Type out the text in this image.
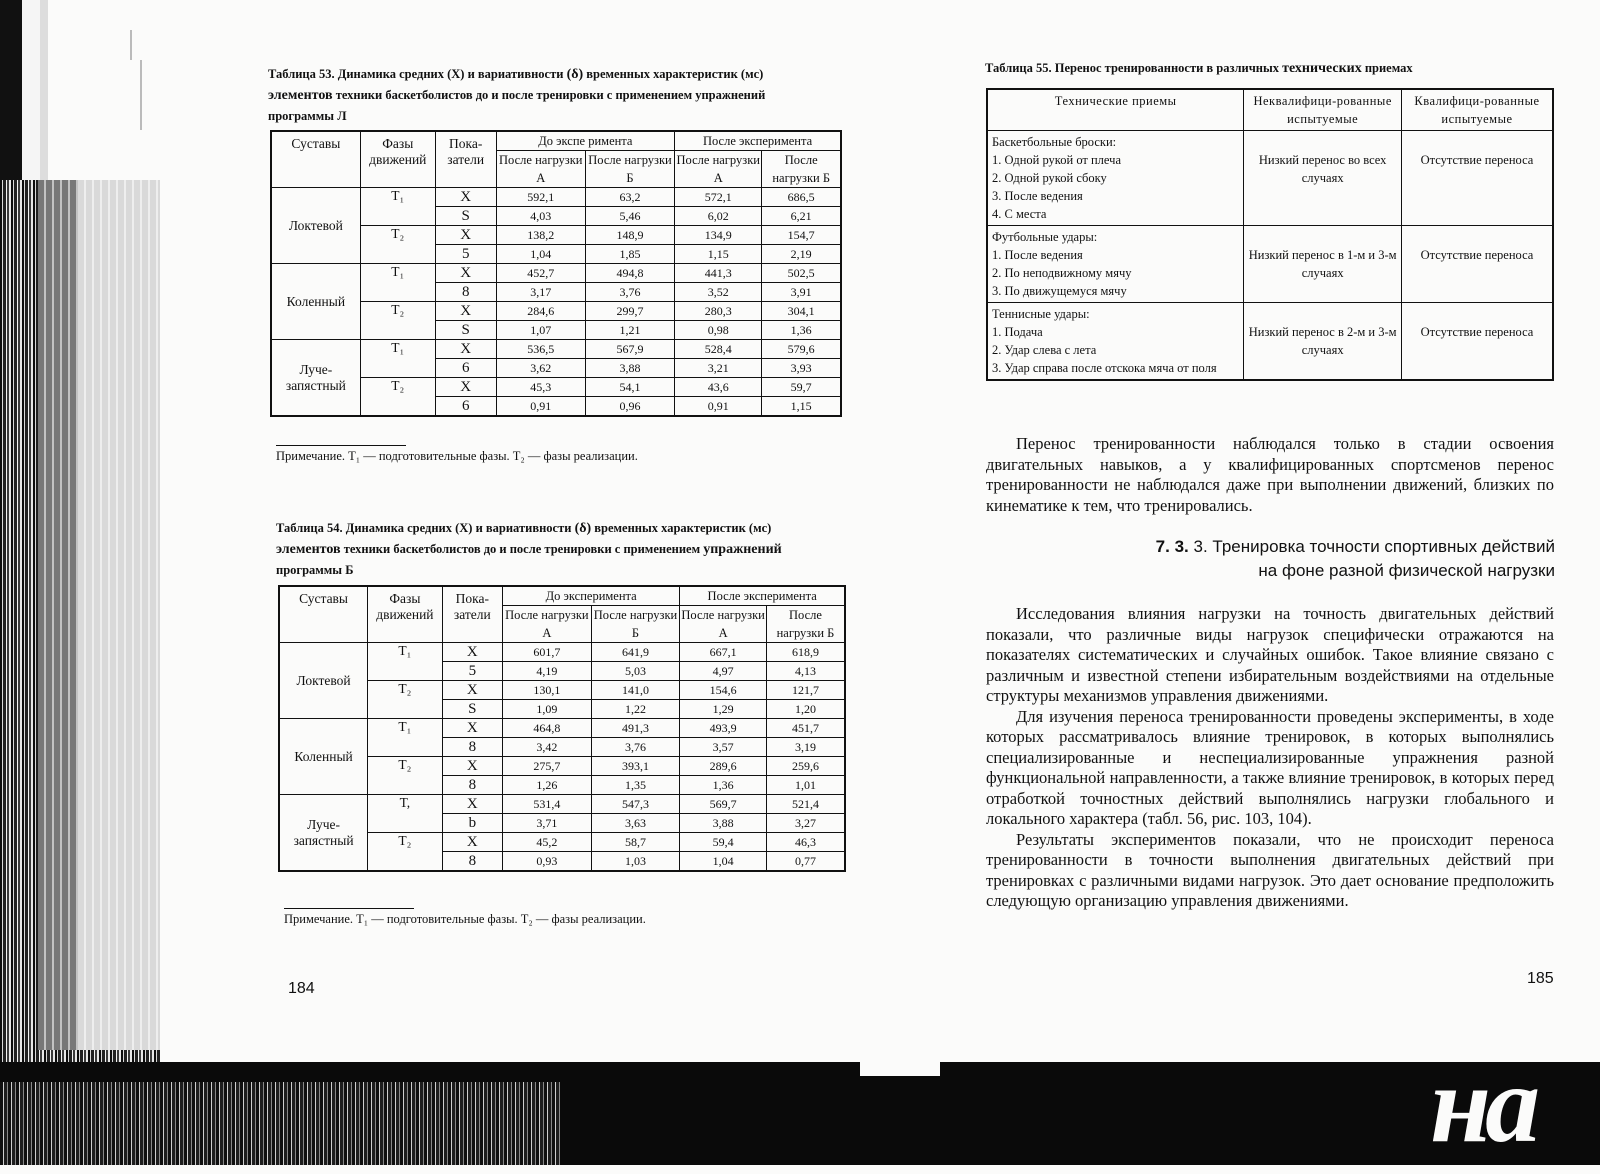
Таблица 53. Динамика средних (X) и вариативности (δ) временных характеристик (мс)
элементов техники баскетболистов до и после тренировки с применением упражнений
программы Л
Суставы	Фазы движений	Пока-затели	До экспе римента		После эксперимента	
			После нагрузки А	После нагрузки Б	После нагрузки А	После нагрузки Б
Локтевой	T₁	X	592,1	63,2	572,1	686,5
		S	4,03	5,46	6,02	6,21
	T₂	X	138,2	148,9	134,9	154,7
		5	1,04	1,85	1,15	2,19
Коленный	T₁	X	452,7	494,8	441,3	502,5
		8	3,17	3,76	3,52	3,91
	T₂	X	284,6	299,7	280,3	304,1
		S	1,07	1,21	0,98	1,36
Луче-запястный	T₁	X	536,5	567,9	528,4	579,6
		6	3,62	3,88	3,21	3,93
	T₂	X	45,3	54,1	43,6	59,7
		6	0,91	0,96	0,91	1,15
Примечание. T₁ — подготовительные фазы. T₂ — фазы реализации.
Таблица 54. Динамика средних (X) и вариативности (δ) временных характеристик (мс)
элементов техники баскетболистов до и после тренировки с применением упражнений
программы Б
Суставы	Фазы движений	Пока-затели	До эксперимента		После эксперимента	
			После нагрузки А	После нагрузки Б	После нагрузки А	После нагрузки Б
Локтевой	T₁	X	601,7	641,9	667,1	618,9
		5	4,19	5,03	4,97	4,13
	T₂	X	130,1	141,0	154,6	121,7
		S	1,09	1,22	1,29	1,20
Коленный	T₁	X	464,8	491,3	493,9	451,7
		8	3,42	3,76	3,57	3,19
	T₂	X	275,7	393,1	289,6	259,6
		8	1,26	1,35	1,36	1,01
Луче-запястный	T,	X	531,4	547,3	569,7	521,4
		b	3,71	3,63	3,88	3,27
	T₂	X	45,2	58,7	59,4	46,3
		8	0,93	1,03	1,04	0,77
Примечание. T₁ — подготовительные фазы. T₂ — фазы реализации.
184
Таблица 55. Перенос тренированности в различных технических приемах
Технические приемы	Неквалифици-рованные испытуемые	Квалифици-рованные испытуемые

Баскетбольные броски:
1. Одной рукой от плеча
2. Одной рукой сбоку
3. После ведения
4. С места	Низкий перенос во всех случаях	Отсутствие переноса

Футбольные удары:
1. После ведения
2. По неподвижному мячу
3. По движущемуся мячу	Низкий перенос в 1-м и 3-м случаях	Отсутствие переноса

Теннисные удары:
1. Подача
2. Удар слева с лета
3. Удар справа после отскока мяча от поля	Низкий перенос в 2-м и 3-м случаях	Отсутствие переноса

Перенос тренированности наблюдался только в стадии освоения двигательных навыков, а у квалифицированных спортсменов перенос тренированности не наблюдался даже при выполнении движений, близких по кинематике к тем, что тренировались.

7. 3. 3. Тренировка точности спортивных действий
на фоне разной физической нагрузки

Исследования влияния нагрузки на точность двигательных действий показали, что различные виды нагрузок специфически отражаются на показателях систематических и случайных ошибок. Такое влияние связано с различным и известной степени избирательным воздействиями на отдельные структуры механизмов управления движениями.

Для изучения переноса тренированности проведены эксперименты, в ходе которых рассматривалось влияние тренировок, в которых выполнялись специализированные и неспециализированные упражнения разной функциональной направленности, а также влияние тренировок, в которых перед отработкой точностных действий выполнялись нагрузки глобального и локального характера (табл. 56, рис. 103, 104).

Результаты экспериментов показали, что не происходит переноса тренированности в точности выполнения двигательных действий при тренировках с различными видами нагрузок. Это дает основание предположить следующую организацию управления движениями.

185
на
